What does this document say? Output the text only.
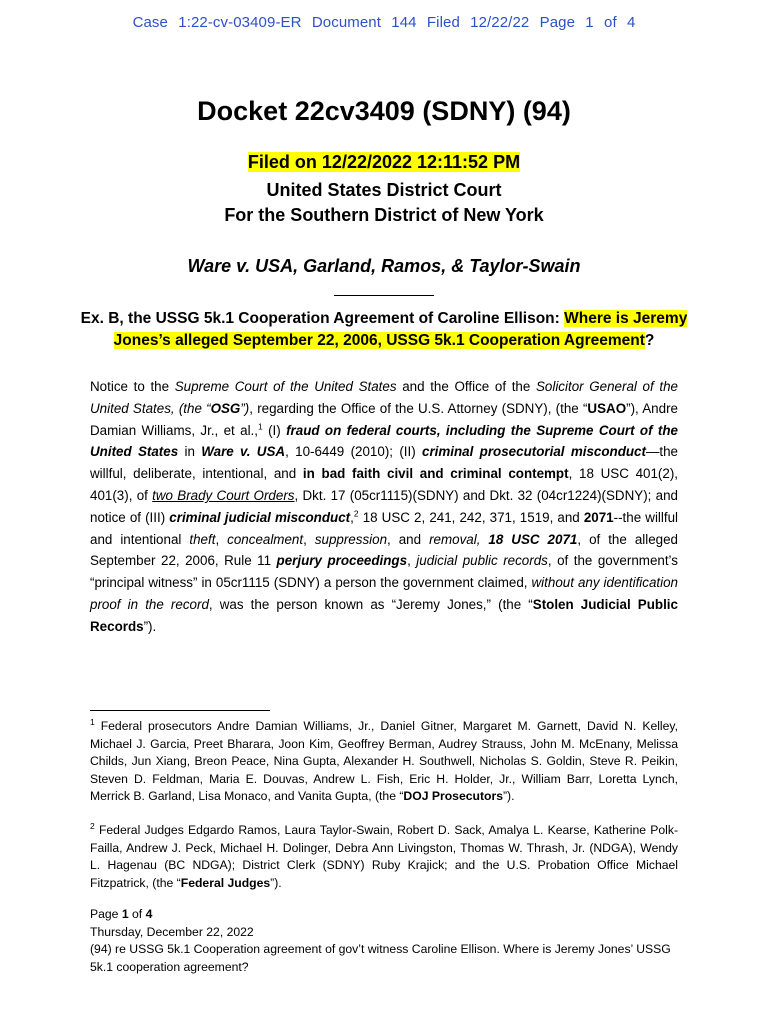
Case 1:22-cv-03409-ER Document 144 Filed 12/22/22 Page 1 of 4
Docket 22cv3409 (SDNY) (94)
Filed on 12/22/2022 12:11:52 PM
United States District Court
For the Southern District of New York
Ware v. USA, Garland, Ramos, & Taylor-Swain
Ex. B, the USSG 5k.1 Cooperation Agreement of Caroline Ellison: Where is Jeremy Jones’s alleged September 22, 2006, USSG 5k.1 Cooperation Agreement?
Notice to the Supreme Court of the United States and the Office of the Solicitor General of the United States, (the “OSG”), regarding the Office of the U.S. Attorney (SDNY), (the “USAO”), Andre Damian Williams, Jr., et al.,$^1$ (I) fraud on federal courts, including the Supreme Court of the United States in Ware v. USA, 10-6449 (2010); (II) criminal prosecutorial misconduct—the willful, deliberate, intentional, and in bad faith civil and criminal contempt, 18 USC 401(2), 401(3), of two Brady Court Orders, Dkt. 17 (05cr1115)(SDNY) and Dkt. 32 (04cr1224)(SDNY); and notice of (III) criminal judicial misconduct,$^2$ 18 USC 2, 241, 242, 371, 1519, and 2071--the willful and intentional theft, concealment, suppression, and removal, 18 USC 2071, of the alleged September 22, 2006, Rule 11 perjury proceedings, judicial public records, of the government’s “principal witness” in 05cr1115 (SDNY) a person the government claimed, without any identification proof in the record, was the person known as “Jeremy Jones,” (the “Stolen Judicial Public Records”).
$^1$ Federal prosecutors Andre Damian Williams, Jr., Daniel Gitner, Margaret M. Garnett, David N. Kelley, Michael J. Garcia, Preet Bharara, Joon Kim, Geoffrey Berman, Audrey Strauss, John M. McEnany, Melissa Childs, Jun Xiang, Breon Peace, Nina Gupta, Alexander H. Southwell, Nicholas S. Goldin, Steve R. Peikin, Steven D. Feldman, Maria E. Douvas, Andrew L. Fish, Eric H. Holder, Jr., William Barr, Loretta Lynch, Merrick B. Garland, Lisa Monaco, and Vanita Gupta, (the “DOJ Prosecutors”).
$^2$ Federal Judges Edgardo Ramos, Laura Taylor-Swain, Robert D. Sack, Amalya L. Kearse, Katherine Polk-Failla, Andrew J. Peck, Michael H. Dolinger, Debra Ann Livingston, Thomas W. Thrash, Jr. (NDGA), Wendy L. Hagenau (BC NDGA); District Clerk (SDNY) Ruby Krajick; and the U.S. Probation Office Michael Fitzpatrick, (the “Federal Judges”).
Page 1 of 4
Thursday, December 22, 2022
(94) re USSG 5k.1 Cooperation agreement of gov’t witness Caroline Ellison. Where is Jeremy Jones’ USSG 5k.1 cooperation agreement?
